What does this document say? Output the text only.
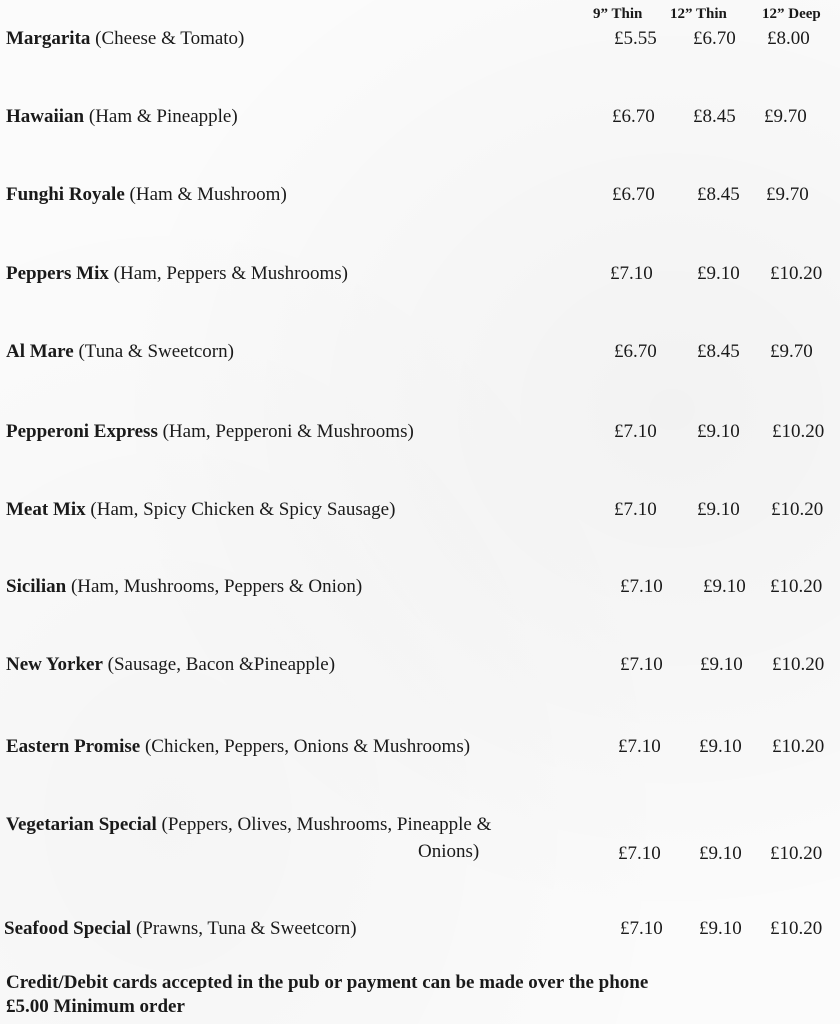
9” Thin 12” Thin 12” Deep
Margarita (Cheese & Tomato)	£5.55 £6.70 £8.00
Hawaiian (Ham & Pineapple)	£6.70 £8.45 £9.70
Funghi Royale (Ham & Mushroom)	£6.70 £8.45 £9.70
Peppers Mix (Ham, Peppers & Mushrooms)	£7.10 £9.10 £10.20
Al Mare (Tuna & Sweetcorn)	£6.70 £8.45 £9.70
Pepperoni Express (Ham, Pepperoni & Mushrooms)	£7.10 £9.10 £10.20
Meat Mix (Ham, Spicy Chicken & Spicy Sausage)	£7.10 £9.10 £10.20
Sicilian (Ham, Mushrooms, Peppers & Onion)	£7.10 £9.10 £10.20
New Yorker (Sausage, Bacon &Pineapple)	£7.10 £9.10 £10.20
Eastern Promise (Chicken, Peppers, Onions & Mushrooms)	£7.10 £9.10 £10.20
Vegetarian Special (Peppers, Olives, Mushrooms, Pineapple &
Onions)	£7.10 £9.10 £10.20
Seafood Special (Prawns, Tuna & Sweetcorn)	£7.10 £9.10 £10.20
Credit/Debit cards accepted in the pub or payment can be made over the phone
£5.00 Minimum order
